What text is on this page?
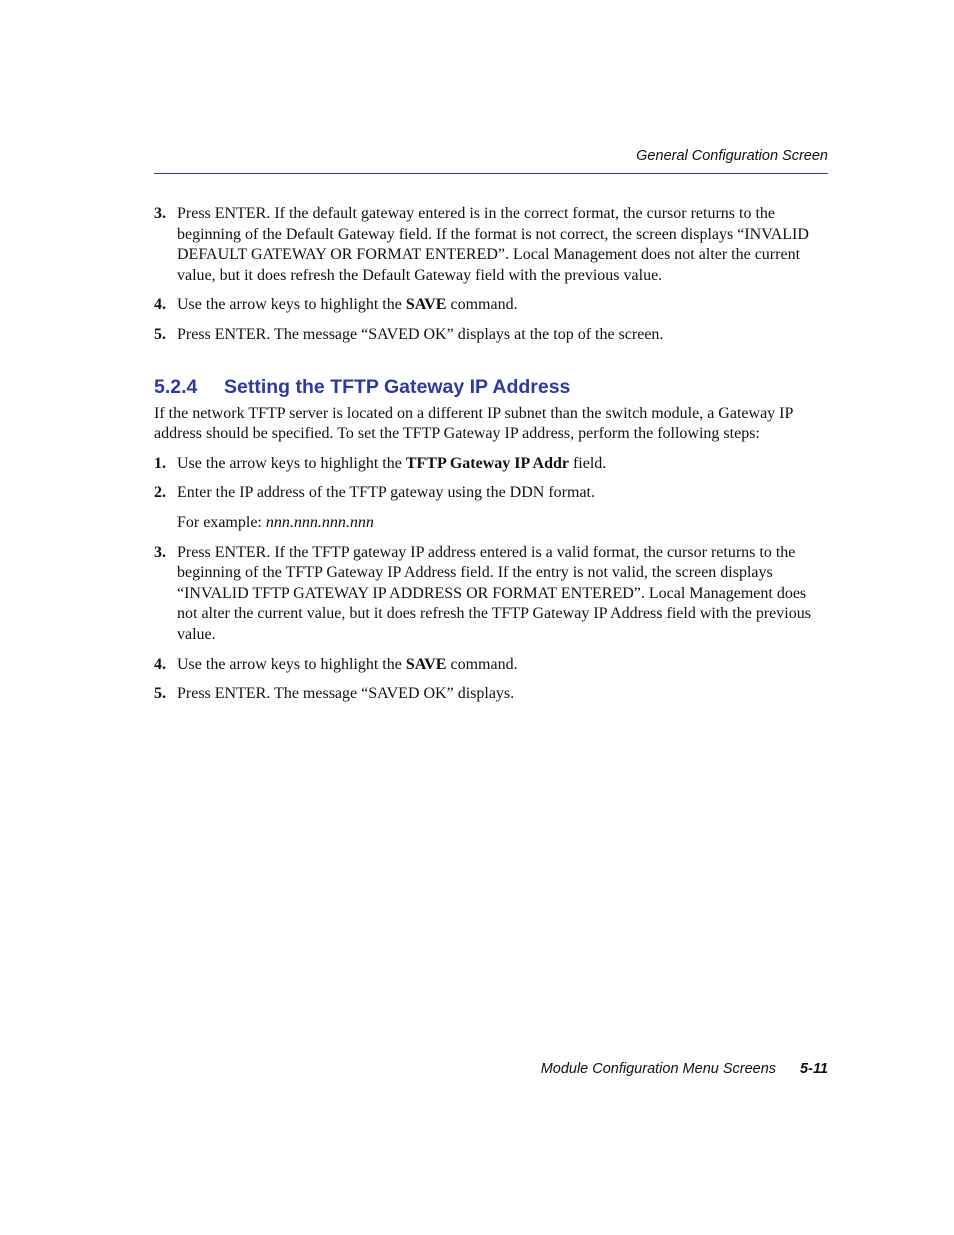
General Configuration Screen
3. Press ENTER. If the default gateway entered is in the correct format, the cursor returns to the beginning of the Default Gateway field. If the format is not correct, the screen displays “INVALID DEFAULT GATEWAY OR FORMAT ENTERED”. Local Management does not alter the current value, but it does refresh the Default Gateway field with the previous value.
4. Use the arrow keys to highlight the SAVE command.
5. Press ENTER. The message “SAVED OK” displays at the top of the screen.
5.2.4 Setting the TFTP Gateway IP Address

If the network TFTP server is located on a different IP subnet than the switch module, a Gateway IP address should be specified. To set the TFTP Gateway IP address, perform the following steps:

1. Use the arrow keys to highlight the TFTP Gateway IP Addr field.
2. Enter the IP address of the TFTP gateway using the DDN format.
For example: nnn.nnn.nnn.nnn
3. Press ENTER. If the TFTP gateway IP address entered is a valid format, the cursor returns to the beginning of the TFTP Gateway IP Address field. If the entry is not valid, the screen displays “INVALID TFTP GATEWAY IP ADDRESS OR FORMAT ENTERED”. Local Management does not alter the current value, but it does refresh the TFTP Gateway IP Address field with the previous value.
4. Use the arrow keys to highlight the SAVE command.
5. Press ENTER. The message “SAVED OK” displays.
Module Configuration Menu Screens 5-11
